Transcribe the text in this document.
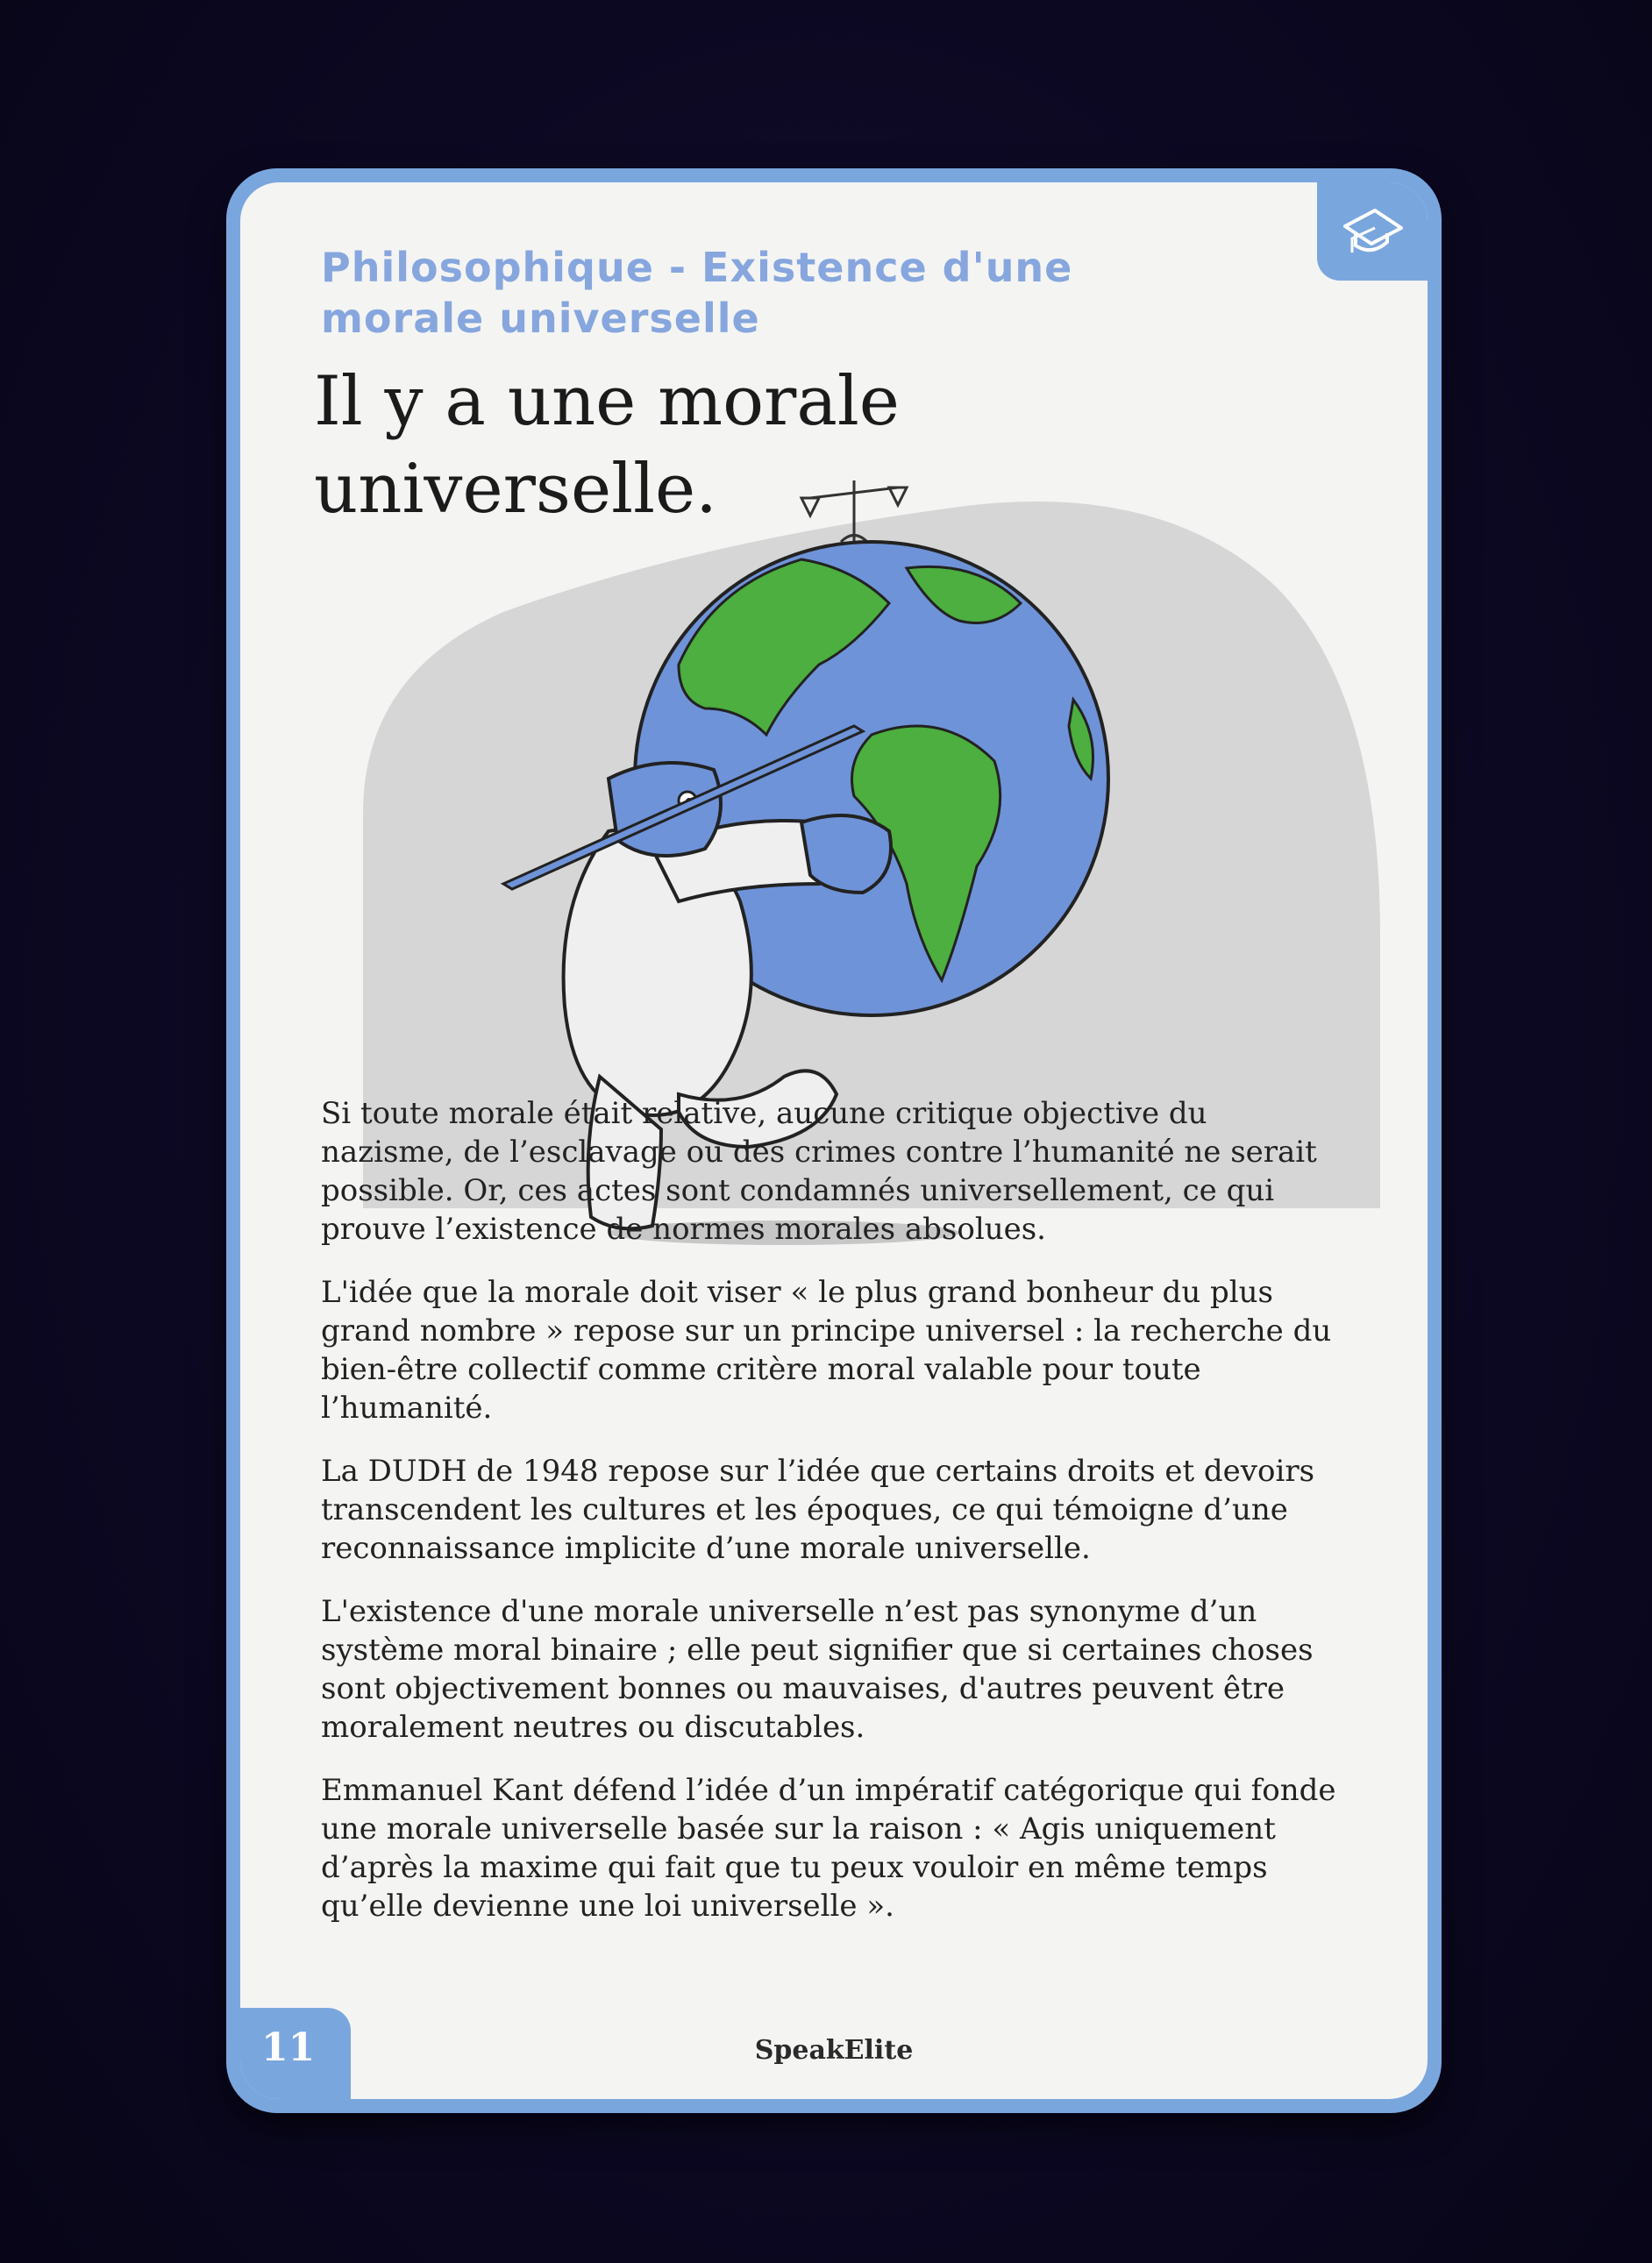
Philosophique - Existence d'une morale universelle
Il y a une morale universelle.

Si toute morale était relative, aucune critique objective du nazisme, de l’esclavage ou des crimes contre l’humanité ne serait possible. Or, ces actes sont condamnés universellement, ce qui prouve l’existence de normes morales absolues.

L'idée que la morale doit viser « le plus grand bonheur du plus grand nombre » repose sur un principe universel : la recherche du bien-être collectif comme critère moral valable pour toute l’humanité.

La DUDH de 1948 repose sur l’idée que certains droits et devoirs transcendent les cultures et les époques, ce qui témoigne d’une reconnaissance implicite d’une morale universelle.

L'existence d'une morale universelle n’est pas synonyme d’un système moral binaire ; elle peut signifier que si certaines choses sont objectivement bonnes ou mauvaises, d'autres peuvent être moralement neutres ou discutables.

Emmanuel Kant défend l’idée d’un impératif catégorique qui fonde une morale universelle basée sur la raison : « Agis uniquement d’après la maxime qui fait que tu peux vouloir en même temps qu’elle devienne une loi universelle ».

11	SpeakElite
